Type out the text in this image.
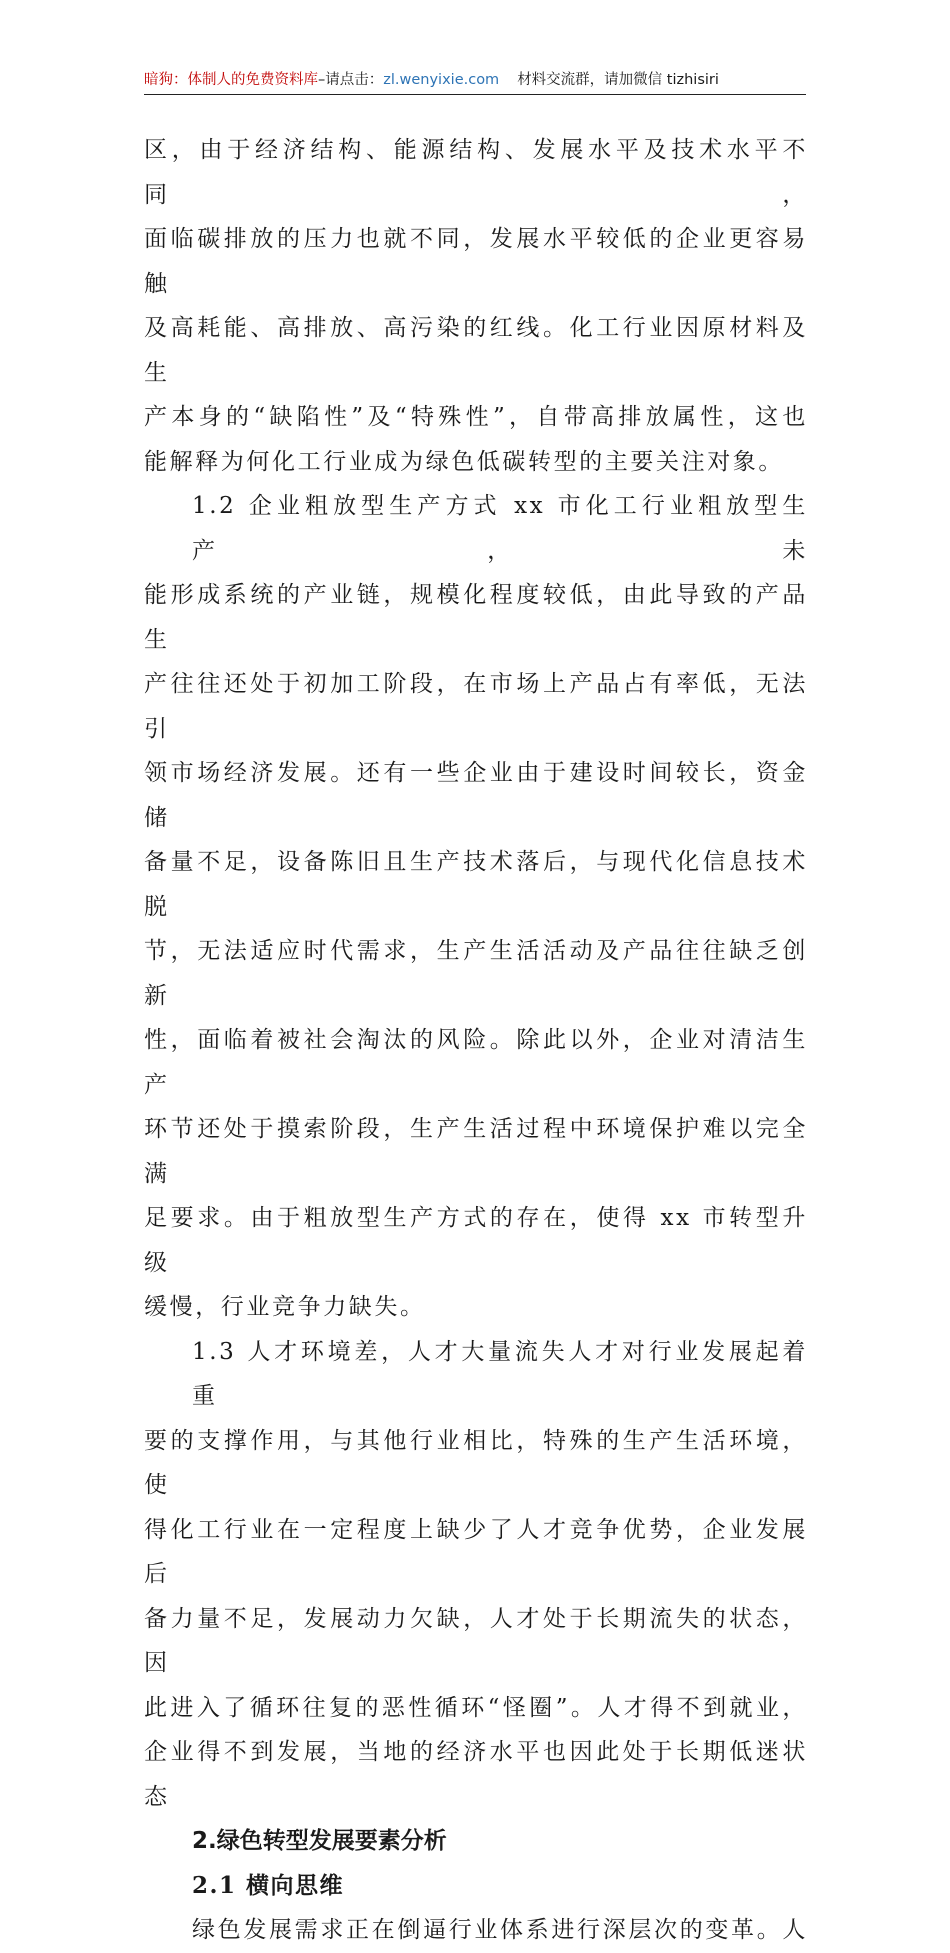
暗狗：体制人的免费资料库–请点击：zl.wenyixie.com 材料交流群，请加微信 tizhisiri

区，由于经济结构、能源结构、发展水平及技术水平不同，
面临碳排放的压力也就不同，发展水平较低的企业更容易触
及高耗能、高排放、高污染的红线。化工行业因原材料及生
产本身的“缺陷性”及“特殊性”，自带高排放属性，这也
能解释为何化工行业成为绿色低碳转型的主要关注对象。

1.2 企业粗放型生产方式 xx 市化工行业粗放型生产，未
能形成系统的产业链，规模化程度较低，由此导致的产品生
产往往还处于初加工阶段，在市场上产品占有率低，无法引
领市场经济发展。还有一些企业由于建设时间较长，资金储
备量不足，设备陈旧且生产技术落后，与现代化信息技术脱
节，无法适应时代需求，生产生活活动及产品往往缺乏创新
性，面临着被社会淘汰的风险。除此以外，企业对清洁生产
环节还处于摸索阶段，生产生活过程中环境保护难以完全满
足要求。由于粗放型生产方式的存在，使得 xx 市转型升级
缓慢，行业竞争力缺失。

1.3 人才环境差，人才大量流失人才对行业发展起着重
要的支撑作用，与其他行业相比，特殊的生产生活环境，使
得化工行业在一定程度上缺少了人才竞争优势，企业发展后
备力量不足，发展动力欠缺，人才处于长期流失的状态，因
此进入了循环往复的恶性循环“怪圈”。人才得不到就业，
企业得不到发展，当地的经济水平也因此处于长期低迷状态

2.绿色转型发展要素分析
2.1 横向思维

绿色发展需求正在倒逼行业体系进行深层次的变革。人
